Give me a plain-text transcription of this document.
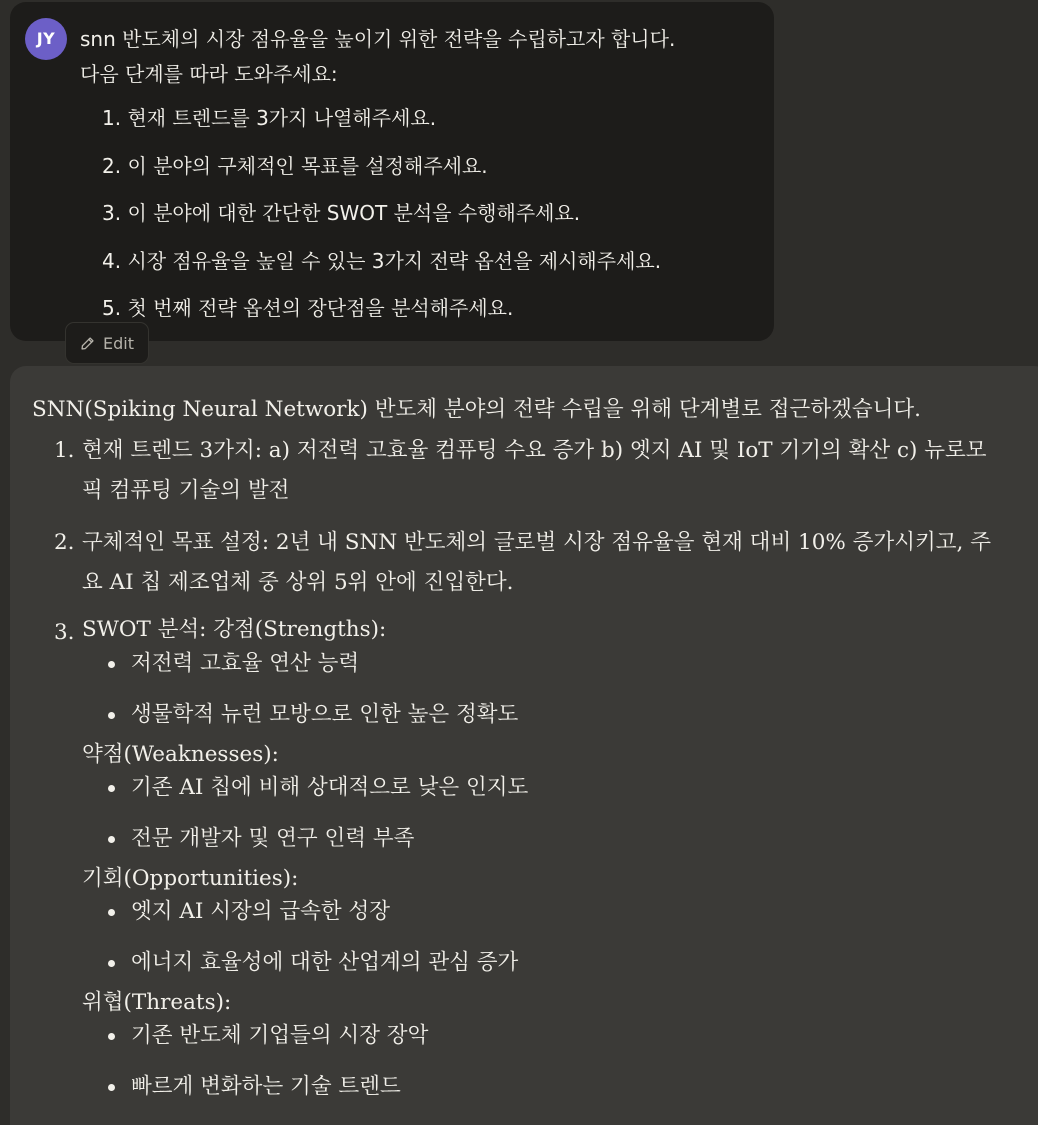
JY	snn 반도체의 시장 점유율을 높이기 위한 전략을 수립하고자 합니다.
다음 단계를 따라 도와주세요:
1. 현재 트렌드를 3가지 나열해주세요.
2. 이 분야의 구체적인 목표를 설정해주세요.
3. 이 분야에 대한 간단한 SWOT 분석을 수행해주세요.
4. 시장 점유율을 높일 수 있는 3가지 전략 옵션을 제시해주세요.
5. 첫 번째 전략 옵션의 장단점을 분석해주세요.
Edit

SNN(Spiking Neural Network) 반도체 분야의 전략 수립을 위해 단계별로 접근하겠습니다.

1. 현재 트렌드 3가지: a) 저전력 고효율 컴퓨팅 수요 증가 b) 엣지 AI 및 IoT 기기의 확산 c) 뉴로모픽 컴퓨팅 기술의 발전
2. 구체적인 목표 설정: 2년 내 SNN 반도체의 글로벌 시장 점유율을 현재 대비 10% 증가시키고, 주요 AI 칩 제조업체 중 상위 5위 안에 진입한다.
3. SWOT 분석: 강점(Strengths):
저전력 고효율 연산 능력
생물학적 뉴런 모방으로 인한 높은 정확도
약점(Weaknesses):
기존 AI 칩에 비해 상대적으로 낮은 인지도
전문 개발자 및 연구 인력 부족
기회(Opportunities):
엣지 AI 시장의 급속한 성장
에너지 효율성에 대한 산업계의 관심 증가
위협(Threats):
기존 반도체 기업들의 시장 장악
빠르게 변화하는 기술 트렌드
